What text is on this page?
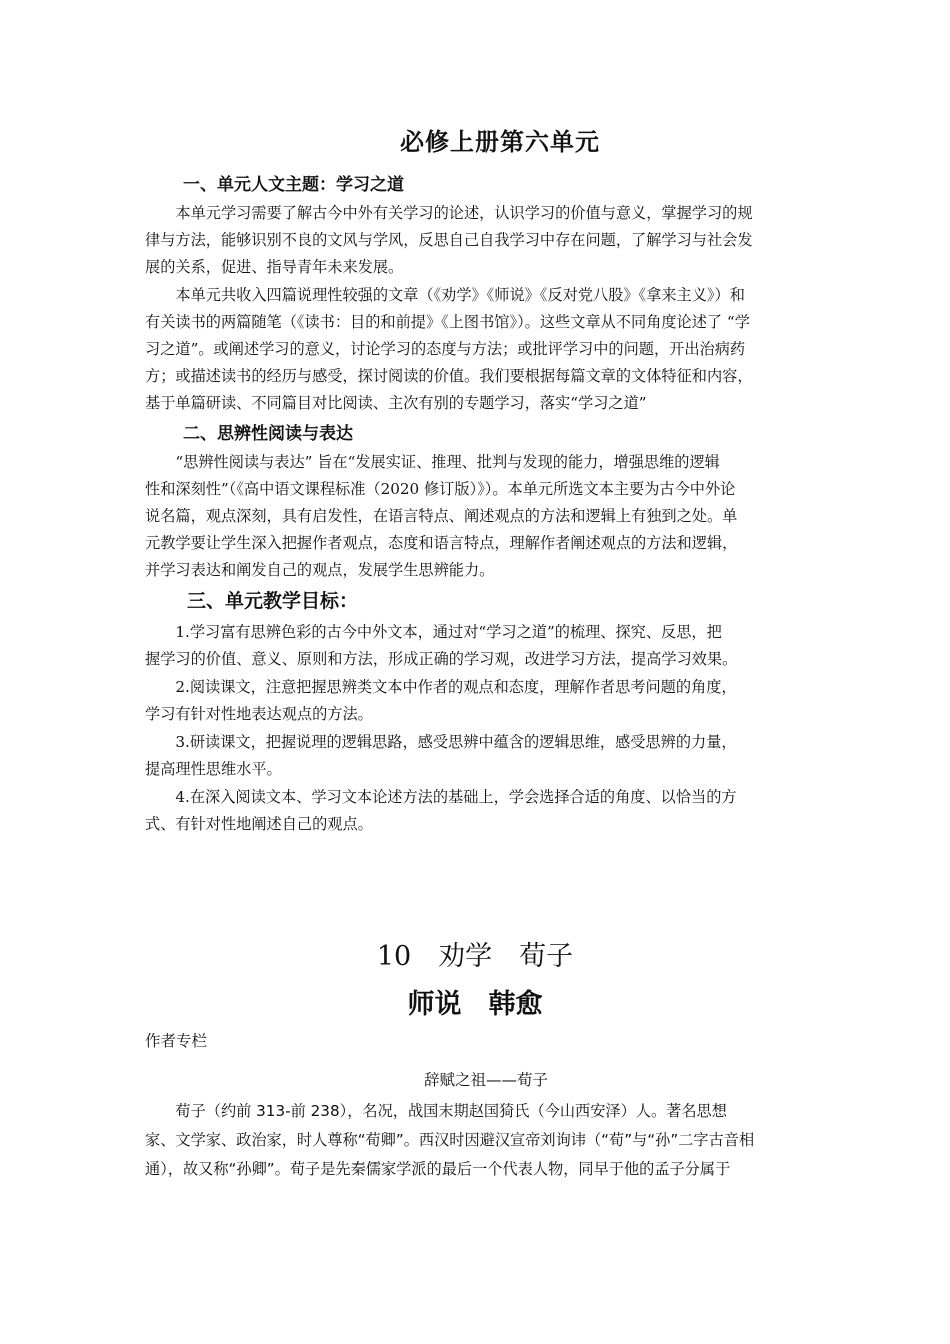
必修上册第六单元
一、单元人文主题：学习之道
　　本单元学习需要了解古今中外有关学习的论述，认识学习的价值与意义，掌握学习的规
律与方法，能够识别不良的文风与学风，反思自己自我学习中存在问题，了解学习与社会发
展的关系，促进、指导青年未来发展。
　　本单元共收入四篇说理性较强的文章（《劝学》《师说》《反对党八股》《拿来主义》）和
有关读书的两篇随笔（《读书：目的和前提》《上图书馆》）。这些文章从不同角度论述了 “学
习之道”。或阐述学习的意义，讨论学习的态度与方法；或批评学习中的问题，开出治病药
方；或描述读书的经历与感受，探讨阅读的价值。我们要根据每篇文章的文体特征和内容，
基于单篇研读、不同篇目对比阅读、主次有别的专题学习，落实“学习之道”
二、思辨性阅读与表达
　　“思辨性阅读与表达” 旨在“发展实证、推理、批判与发现的能力，增强思维的逻辑
性和深刻性”（《高中语文课程标准（2020 修订版）》）。本单元所选文本主要为古今中外论
说名篇，观点深刻，具有启发性，在语言特点、阐述观点的方法和逻辑上有独到之处。单
元教学要让学生深入把握作者观点，态度和语言特点，理解作者阐述观点的方法和逻辑，
并学习表达和阐发自己的观点，发展学生思辨能力。
三、单元教学目标：
　　1.学习富有思辨色彩的古今中外文本，通过对“学习之道”的梳理、探究、反思，把
握学习的价值、意义、原则和方法，形成正确的学习观，改进学习方法，提高学习效果。
　　2.阅读课文，注意把握思辨类文本中作者的观点和态度，理解作者思考问题的角度，
学习有针对性地表达观点的方法。
　　3.研读课文，把握说理的逻辑思路，感受思辨中蕴含的逻辑思维，感受思辨的力量，
提高理性思维水平。
　　4.在深入阅读文本、学习文本论述方法的基础上，学会选择合适的角度、以恰当的方
式、有针对性地阐述自己的观点。
10　劝学　荀子
师说　韩愈
作者专栏
辞赋之祖——荀子
　　荀子（约前 313-前 238），名况，战国末期赵国猗氏（今山西安泽）人。著名思想
家、文学家、政治家，时人尊称“荀卿”。西汉时因避汉宣帝刘询讳（“荀”与“孙”二字古音相
通），故又称“孙卿”。荀子是先秦儒家学派的最后一个代表人物，同早于他的孟子分属于
